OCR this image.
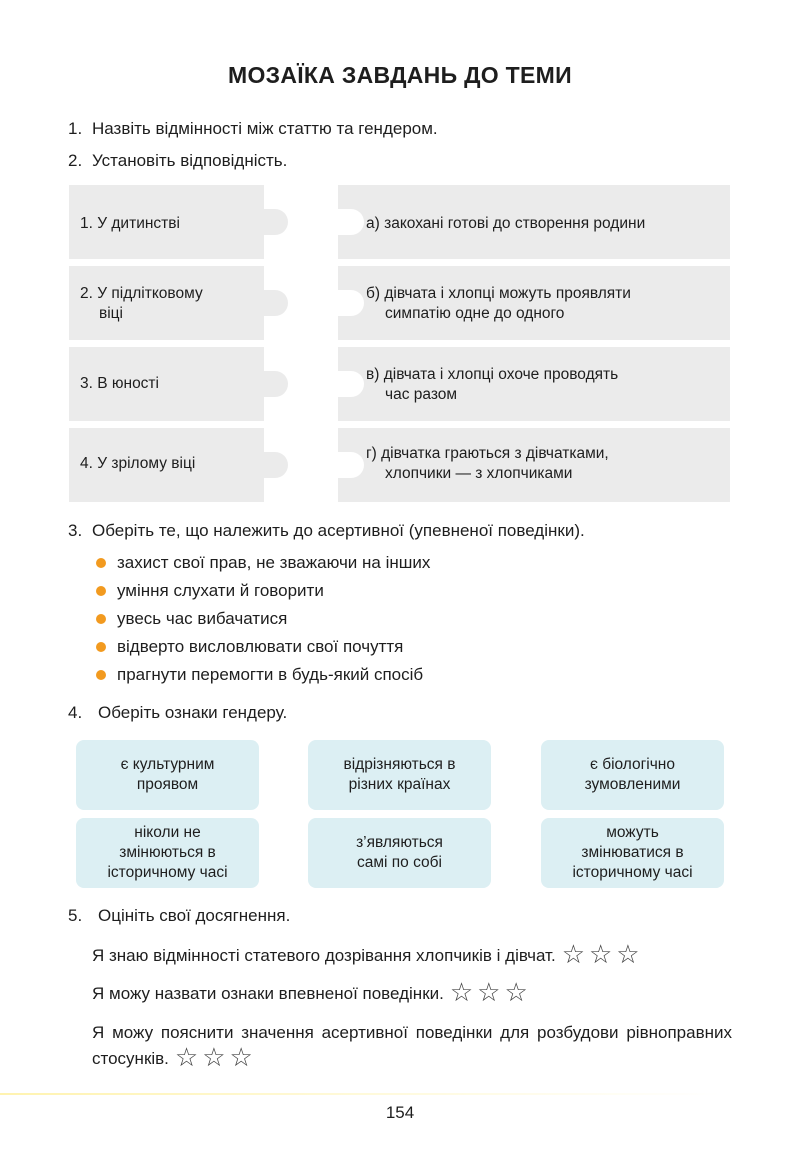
МОЗАЇКА ЗАВДАНЬ ДО ТЕМИ
1. Назвіть відмінності між статтю та гендером.
2. Установіть відповідність.
1. У дитинстві	а) закохані готові до створення родини
2. У підлітковому
віці
б) дівчата і хлопці можуть проявляти
симпатію одне до одного
3. В юності
в) дівчата і хлопці охоче проводять
час разом
4. У зрілому віці
г) дівчатка граються з дівчатками,
хлопчики — з хлопчиками
3. Оберіть те, що належить до асертивної (упевненої поведінки).
захист свої прав, не зважаючи на інших
уміння слухати й говорити
увесь час вибачатися
відверто висловлювати свої почуття
прагнути перемогти в будь-який спосіб
4. Оберіть ознаки гендеру.
є культурним
проявом
відрізняються в
різних країнах
є біологічно
зумовленими
ніколи не
змінюються в
історичному часі
з’являються
самі по собі
можуть
змінюватися в
історичному часі
5. Оцініть свої досягнення.
Я знаю відмінності статевого дозрівання хлопчиків і дівчат. ☆☆☆
Я можу назвати ознаки впевненої поведінки. ☆☆☆
Я можу пояснити значення асертивної поведінки для розбудови рівноправних стосунків. ☆☆☆
154
